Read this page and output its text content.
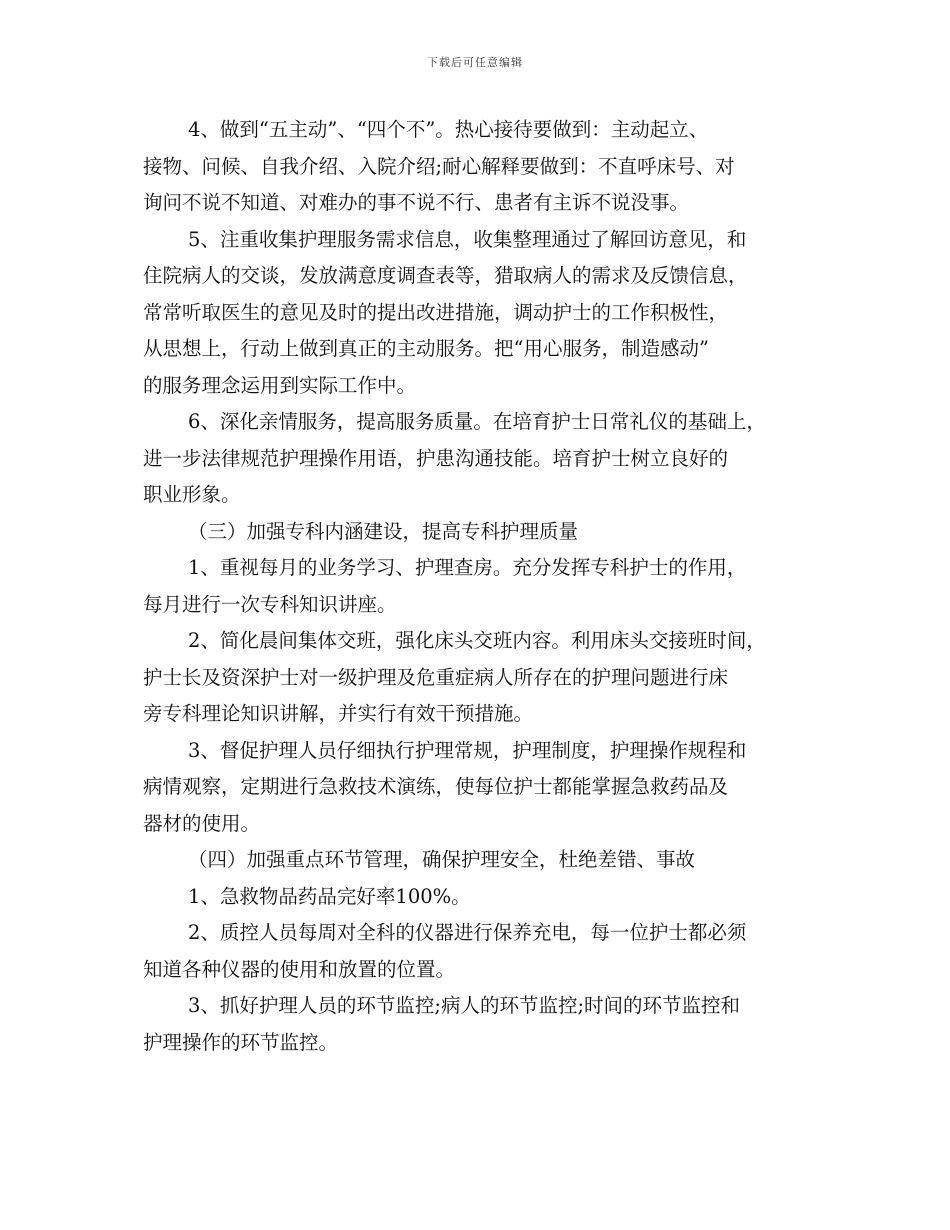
下载后可任意编辑
4、做到“五主动”、“四个不”。热心接待要做到：主动起立、
接物、问候、自我介绍、入院介绍;耐心解释要做到：不直呼床号、对
询问不说不知道、对难办的事不说不行、患者有主诉不说没事。
5、注重收集护理服务需求信息，收集整理通过了解回访意见，和
住院病人的交谈，发放满意度调查表等，猎取病人的需求及反馈信息，
常常听取医生的意见及时的提出改进措施，调动护士的工作积极性，
从思想上，行动上做到真正的主动服务。把“用心服务，制造感动”
的服务理念运用到实际工作中。
6、深化亲情服务，提高服务质量。在培育护士日常礼仪的基础上，
进一步法律规范护理操作用语，护患沟通技能。培育护士树立良好的
职业形象。
（三）加强专科内涵建设，提高专科护理质量
1、重视每月的业务学习、护理查房。充分发挥专科护士的作用，
每月进行一次专科知识讲座。
2、简化晨间集体交班，强化床头交班内容。利用床头交接班时间，
护士长及资深护士对一级护理及危重症病人所存在的护理问题进行床
旁专科理论知识讲解，并实行有效干预措施。
3、督促护理人员仔细执行护理常规，护理制度，护理操作规程和
病情观察，定期进行急救技术演练，使每位护士都能掌握急救药品及
器材的使用。
（四）加强重点环节管理，确保护理安全，杜绝差错、事故
1、急救物品药品完好率100%。
2、质控人员每周对全科的仪器进行保养充电，每一位护士都必须
知道各种仪器的使用和放置的位置。
3、抓好护理人员的环节监控;病人的环节监控;时间的环节监控和
护理操作的环节监控。
